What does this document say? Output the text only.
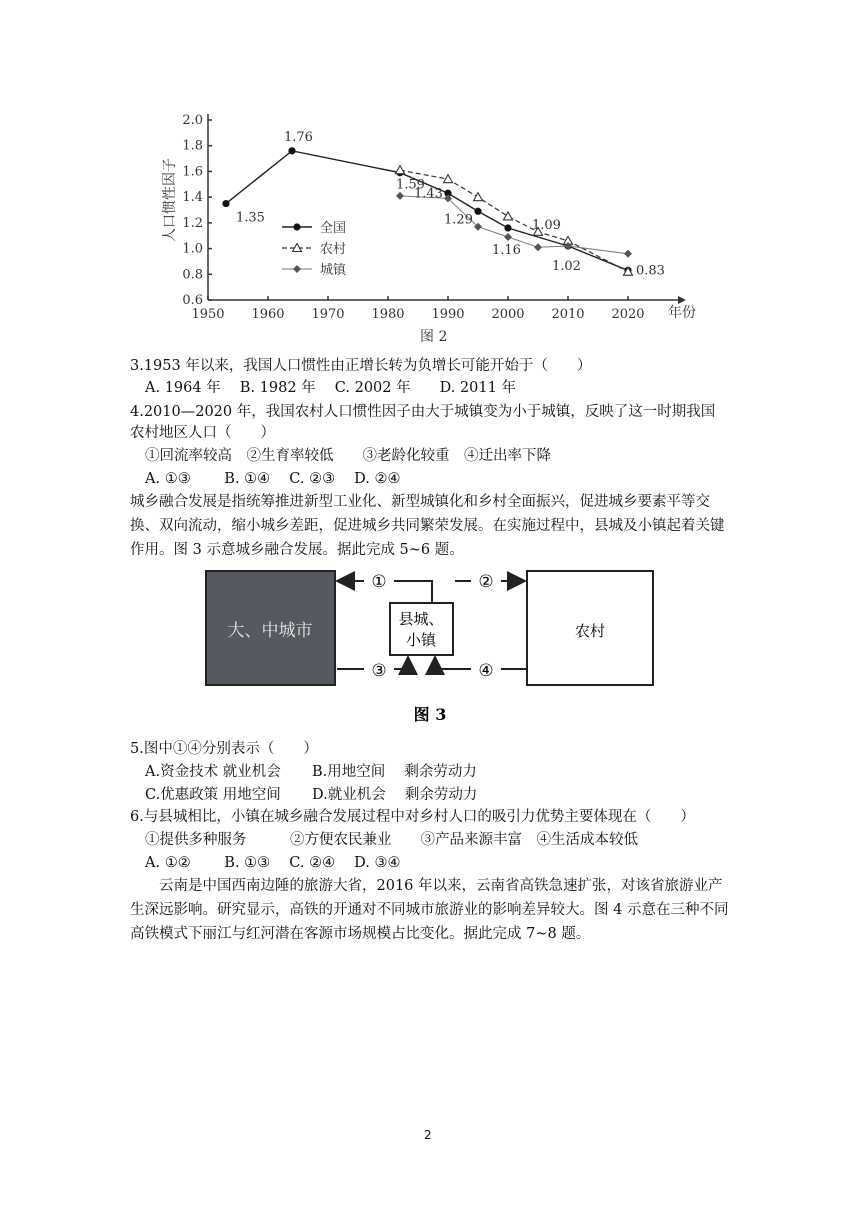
1950 1960 1970 1980 1990 2000 2010 2020
0.6
0.8
1.0
1.2
1.4
1.6
1.8
2.0
1.35
1.76
1.59
1.43
1.29
1.16
1.09
1.02	0.83
全国
农村
城镇
人口惯性因子
年份
图 2

3.1953 年以来，我国人口惯性由正增长转为负增长可能开始于（　　）

A. 1964 年　 B. 1982 年　 C. 2002 年　　D. 2011 年

4.2010—2020 年，我国农村人口惯性因子由大于城镇变为小于城镇，反映了这一时期我国

农村地区人口（　　）

①回流率较高　②生育率较低　　③老龄化较重　④迁出率下降

A. ①③　　 B. ①④　 C. ②③　 D. ②④

城乡融合发展是指统筹推进新型工业化、新型城镇化和乡村全面振兴，促进城乡要素平等交换、双向流动，缩小城乡差距，促进城乡共同繁荣发展。在实施过程中，县城及小镇起着关键作用。图 3 示意城乡融合发展。据此完成 5~6 题。

大、中城市
县城、
小镇	农村
①	②
③	④
图 3

5.图中①④分别表示（　　）

A.资金技术 就业机会 B.用地空间　 剩余劳动力

C.优惠政策 用地空间 D.就业机会　 剩余劳动力

6.与县城相比，小镇在城乡融合发展过程中对乡村人口的吸引力优势主要体现在（　　）

①提供多种服务　　　②方便农民兼业　　③产品来源丰富　④生活成本较低

A. ①②　　 B. ①③　 C. ②④　 D. ③④

　　云南是中国西南边陲的旅游大省，2016 年以来，云南省高铁急速扩张，对该省旅游业产生深远影响。研究显示，高铁的开通对不同城市旅游业的影响差异较大。图 4 示意在三种不同高铁模式下丽江与红河潜在客源市场规模占比变化。据此完成 7~8 题。

2
